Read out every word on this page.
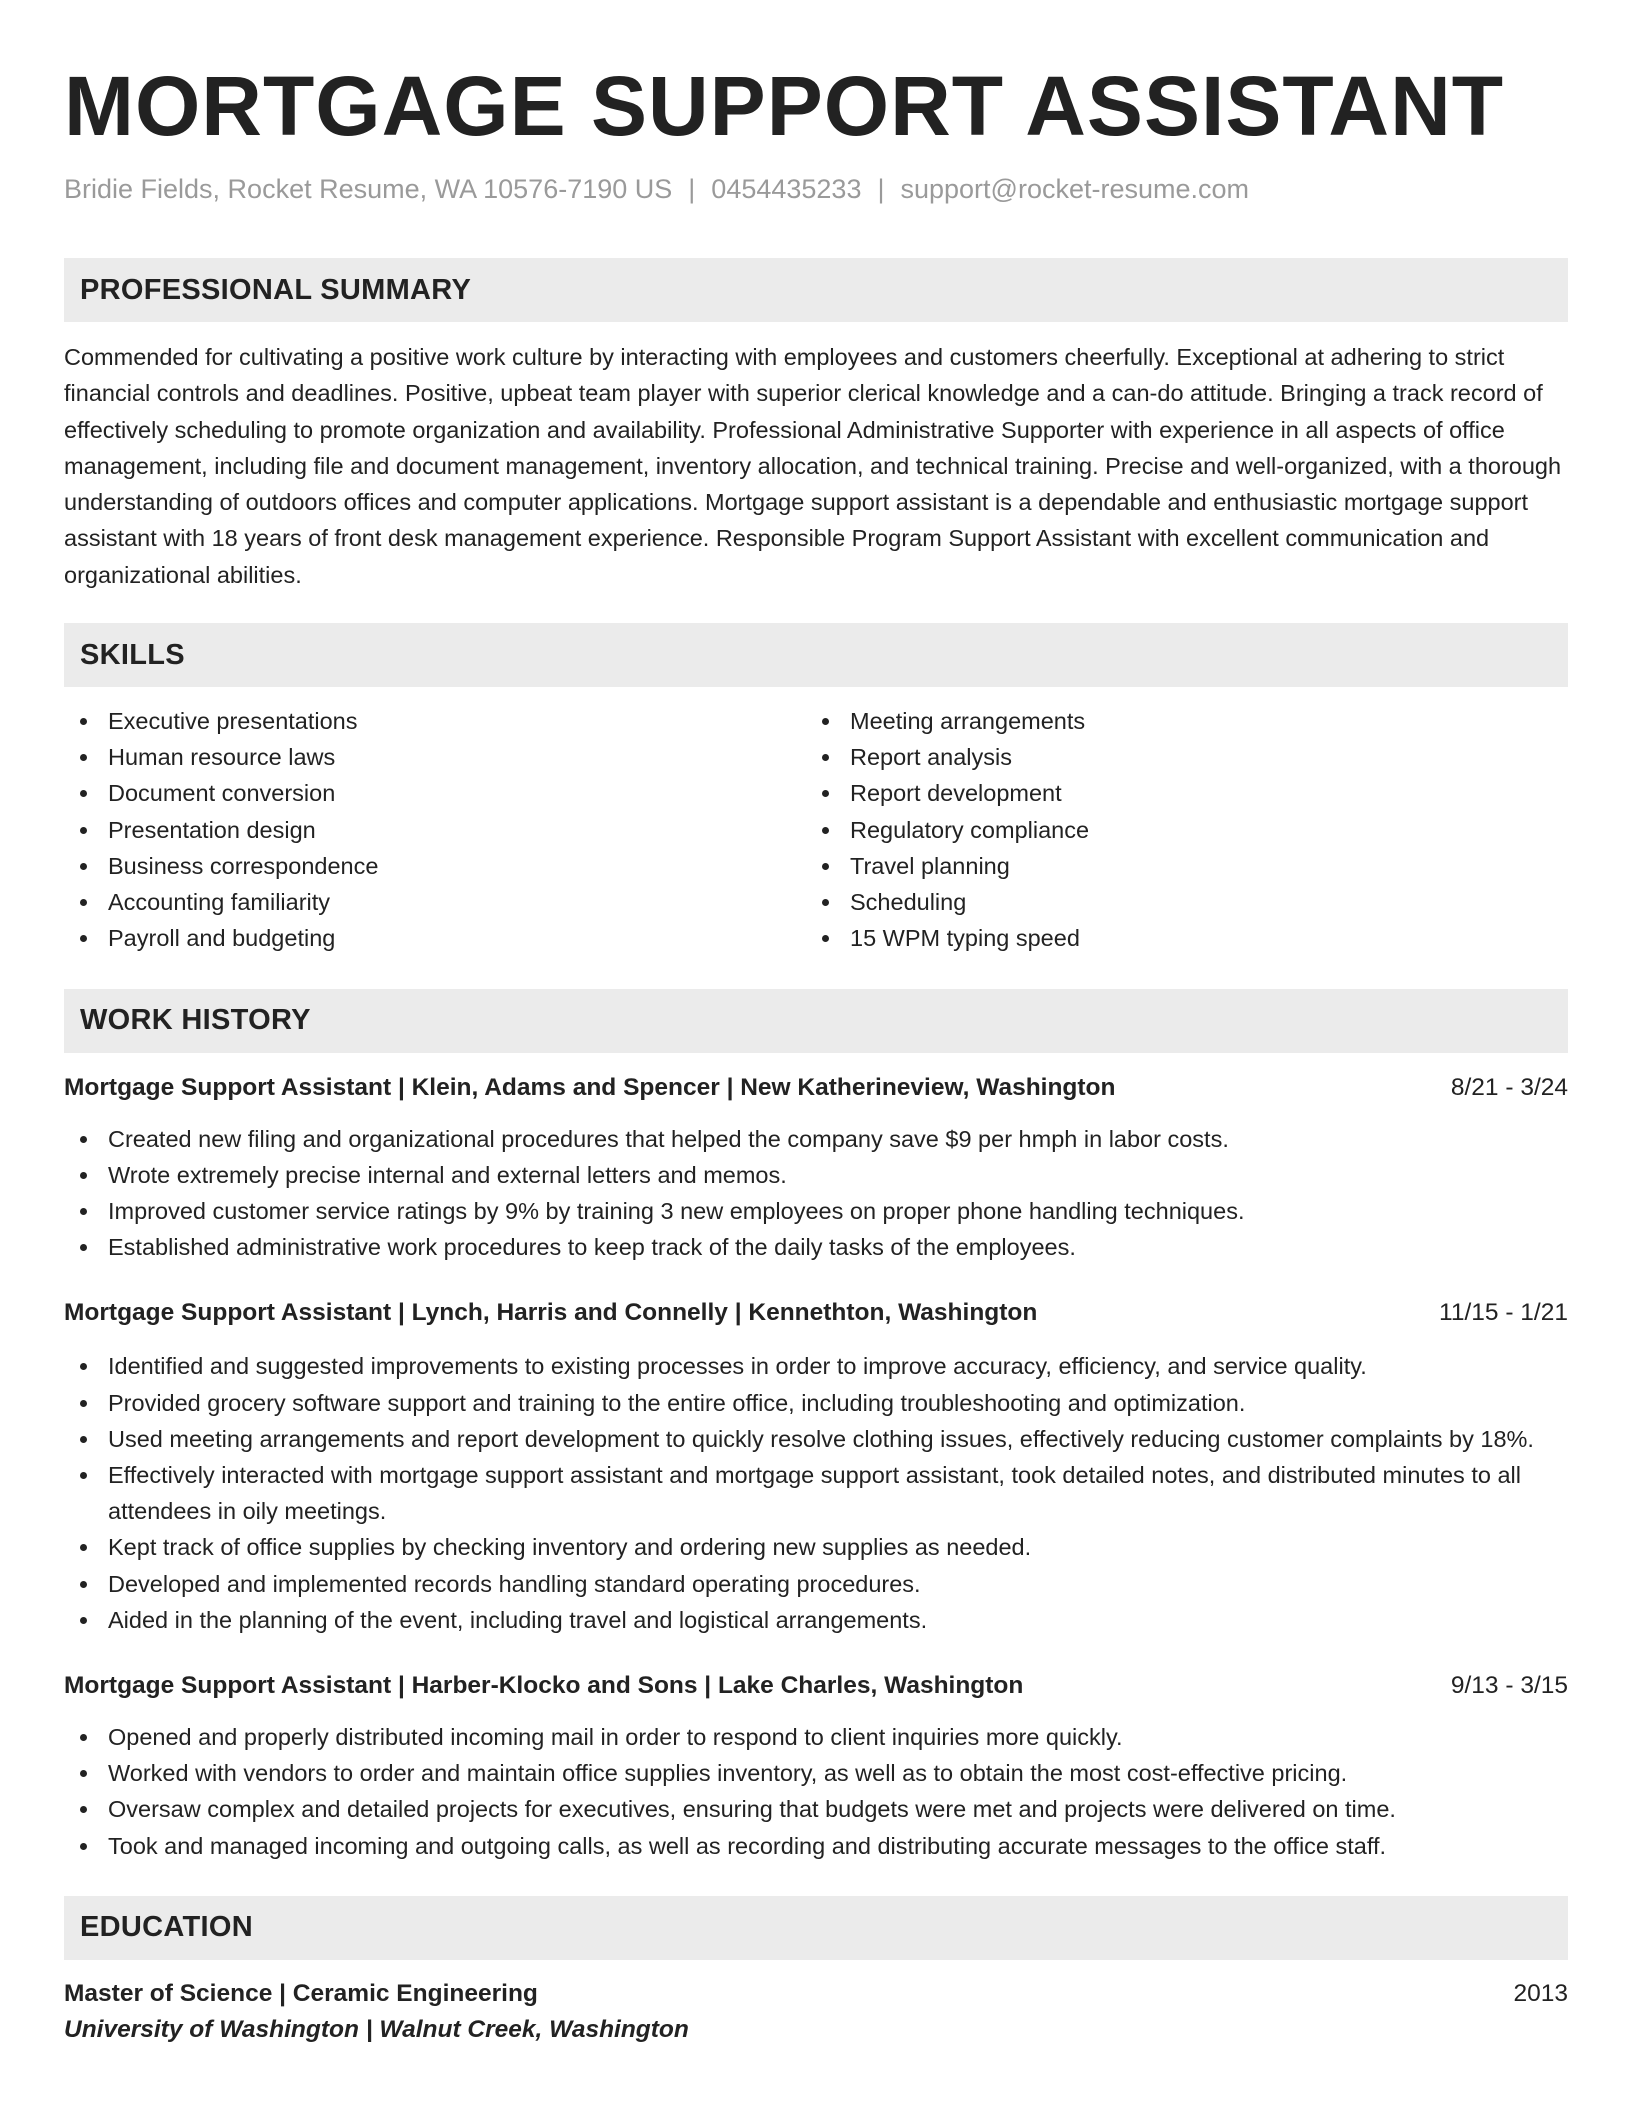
MORTGAGE SUPPORT ASSISTANT
Bridie Fields, Rocket Resume, WA 10576-7190 US | 0454435233 | support@rocket-resume.com
PROFESSIONAL SUMMARY
Commended for cultivating a positive work culture by interacting with employees and customers cheerfully. Exceptional at adhering to strict financial controls and deadlines. Positive, upbeat team player with superior clerical knowledge and a can-do attitude. Bringing a track record of effectively scheduling to promote organization and availability. Professional Administrative Supporter with experience in all aspects of office management, including file and document management, inventory allocation, and technical training. Precise and well-organized, with a thorough understanding of outdoors offices and computer applications. Mortgage support assistant is a dependable and enthusiastic mortgage support assistant with 18 years of front desk management experience. Responsible Program Support Assistant with excellent communication and organizational abilities.
SKILLS
Executive presentations
Human resource laws
Document conversion
Presentation design
Business correspondence
Accounting familiarity
Payroll and budgeting
Meeting arrangements
Report analysis
Report development
Regulatory compliance
Travel planning
Scheduling
15 WPM typing speed
WORK HISTORY
Mortgage Support Assistant | Klein, Adams and Spencer | New Katherineview, Washington	8/21 - 3/24
Created new filing and organizational procedures that helped the company save $9 per hmph in labor costs.
Wrote extremely precise internal and external letters and memos.
Improved customer service ratings by 9% by training 3 new employees on proper phone handling techniques.
Established administrative work procedures to keep track of the daily tasks of the employees.
Mortgage Support Assistant | Lynch, Harris and Connelly | Kennethton, Washington	11/15 - 1/21
Identified and suggested improvements to existing processes in order to improve accuracy, efficiency, and service quality.
Provided grocery software support and training to the entire office, including troubleshooting and optimization.
Used meeting arrangements and report development to quickly resolve clothing issues, effectively reducing customer complaints by 18%.
Effectively interacted with mortgage support assistant and mortgage support assistant, took detailed notes, and distributed minutes to all attendees in oily meetings.
Kept track of office supplies by checking inventory and ordering new supplies as needed.
Developed and implemented records handling standard operating procedures.
Aided in the planning of the event, including travel and logistical arrangements.
Mortgage Support Assistant | Harber-Klocko and Sons | Lake Charles, Washington	9/13 - 3/15
Opened and properly distributed incoming mail in order to respond to client inquiries more quickly.
Worked with vendors to order and maintain office supplies inventory, as well as to obtain the most cost-effective pricing.
Oversaw complex and detailed projects for executives, ensuring that budgets were met and projects were delivered on time.
Took and managed incoming and outgoing calls, as well as recording and distributing accurate messages to the office staff.
EDUCATION
Master of Science | Ceramic Engineering	2013
University of Washington | Walnut Creek, Washington
